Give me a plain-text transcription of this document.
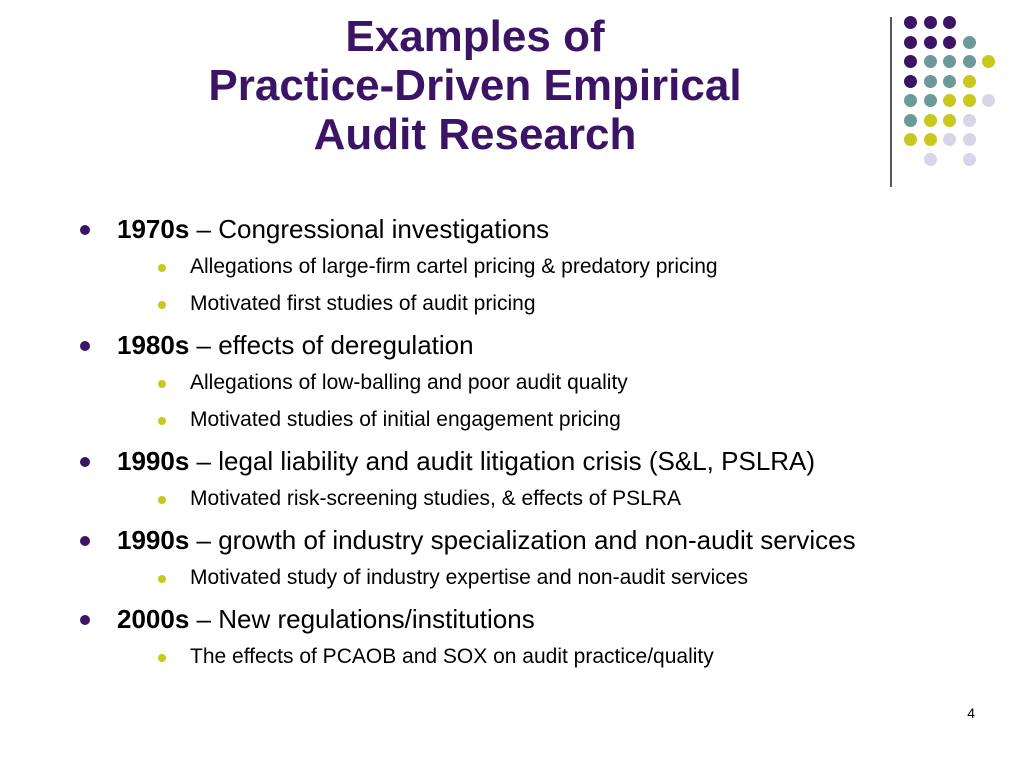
Examples of
Practice-Driven Empirical
Audit Research
1970s – Congressional investigations
Allegations of large-firm cartel pricing & predatory pricing
Motivated first studies of audit pricing
1980s – effects of deregulation
Allegations of low-balling and poor audit quality
Motivated studies of initial engagement pricing
1990s – legal liability and audit litigation crisis (S&L, PSLRA)
Motivated risk-screening studies, & effects of PSLRA
1990s – growth of industry specialization and non-audit services
Motivated study of industry expertise and non-audit services
2000s – New regulations/institutions
The effects of PCAOB and SOX on audit practice/quality
4
